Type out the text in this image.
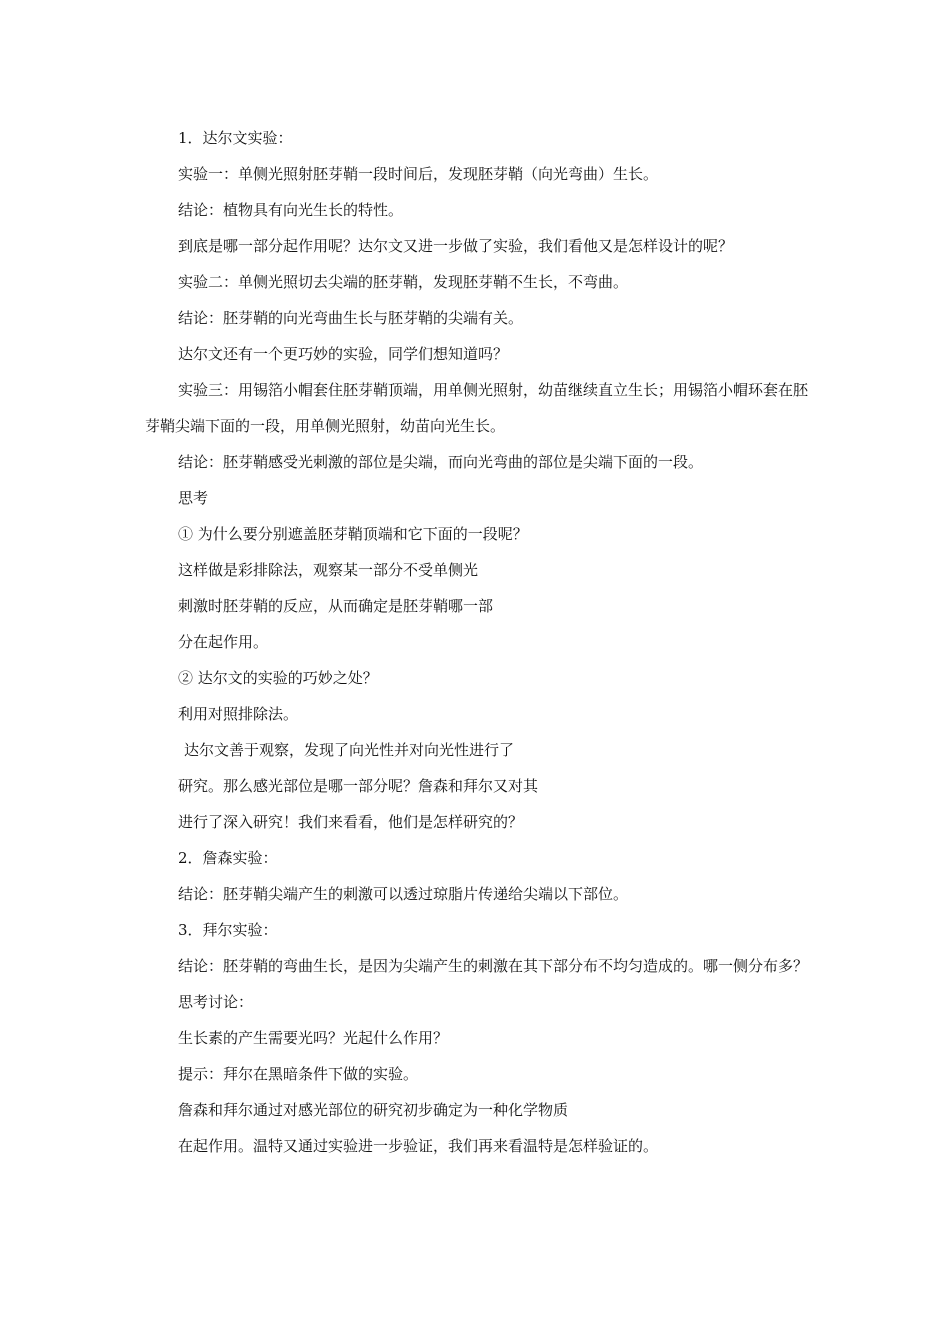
1．达尔文实验：

实验一：单侧光照射胚芽鞘一段时间后，发现胚芽鞘（向光弯曲）生长。

结论：植物具有向光生长的特性。

到底是哪一部分起作用呢？达尔文又进一步做了实验，我们看他又是怎样设计的呢？

实验二：单侧光照切去尖端的胚芽鞘，发现胚芽鞘不生长，不弯曲。

结论：胚芽鞘的向光弯曲生长与胚芽鞘的尖端有关。

达尔文还有一个更巧妙的实验，同学们想知道吗？

实验三：用锡箔小帽套住胚芽鞘顶端，用单侧光照射，幼苗继续直立生长；用锡箔小帽环套在胚芽鞘尖端下面的一段，用单侧光照射，幼苗向光生长。

结论：胚芽鞘感受光刺激的部位是尖端，而向光弯曲的部位是尖端下面的一段。

思考

① 为什么要分别遮盖胚芽鞘顶端和它下面的一段呢？

这样做是彩排除法，观察某一部分不受单侧光

刺激时胚芽鞘的反应，从而确定是胚芽鞘哪一部

分在起作用。

② 达尔文的实验的巧妙之处？

利用对照排除法。

达尔文善于观察，发现了向光性并对向光性进行了

研究。那么感光部位是哪一部分呢？詹森和拜尔又对其

进行了深入研究！我们来看看，他们是怎样研究的？

2．詹森实验：

结论：胚芽鞘尖端产生的刺激可以透过琼脂片传递给尖端以下部位。

3．拜尔实验：

结论：胚芽鞘的弯曲生长，是因为尖端产生的刺激在其下部分布不均匀造成的。哪一侧分布多？

思考讨论：

生长素的产生需要光吗？光起什么作用？

提示：拜尔在黑暗条件下做的实验。

詹森和拜尔通过对感光部位的研究初步确定为一种化学物质

在起作用。温特又通过实验进一步验证，我们再来看温特是怎样验证的。
